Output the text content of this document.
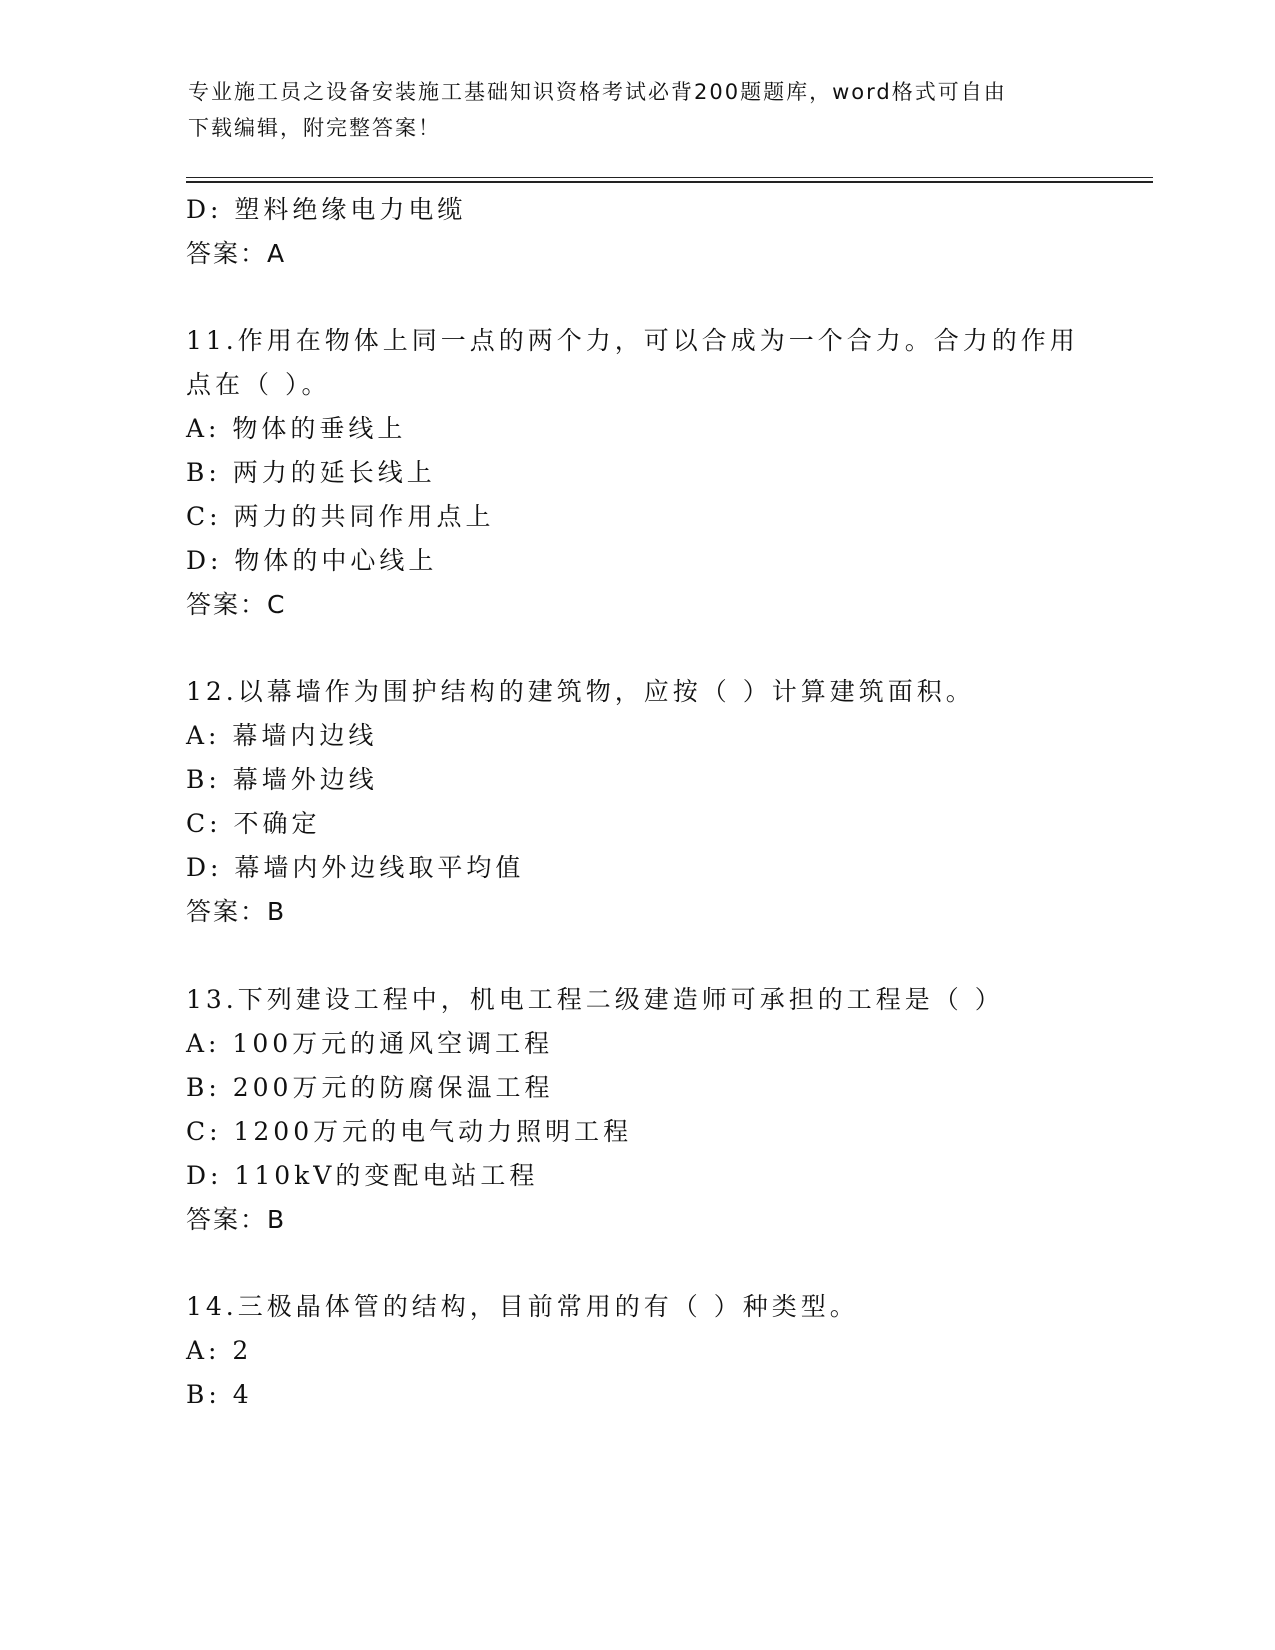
专业施工员之设备安装施工基础知识资格考试必背200题题库，word格式可自由
下载编辑，附完整答案！
D: 塑料绝缘电力电缆
答案：A
11.作用在物体上同一点的两个力，可以合成为一个合力。合力的作用
点在（ ）。
A: 物体的垂线上
B: 两力的延长线上
C: 两力的共同作用点上
D: 物体的中心线上
答案：C
12.以幕墙作为围护结构的建筑物，应按（ ）计算建筑面积。
A: 幕墙内边线
B: 幕墙外边线
C: 不确定
D: 幕墙内外边线取平均值
答案：B
13.下列建设工程中，机电工程二级建造师可承担的工程是（ ）
A: 100万元的通风空调工程
B: 200万元的防腐保温工程
C: 1200万元的电气动力照明工程
D: 110kV的变配电站工程
答案：B
14.三极晶体管的结构，目前常用的有（ ）种类型。
A: 2
B: 4
